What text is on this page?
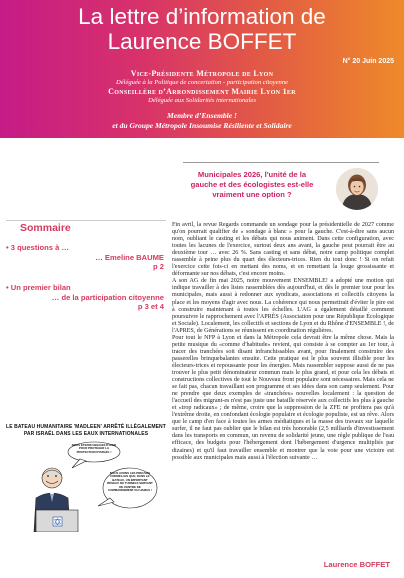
La lettre d’information de
Laurence BOFFET
N° 20 Juin 2025
Vice-Présidente Métropole de Lyon
Déléguée à la Politique de concertation - participation citoyenne
Conseillère d’Arrondissement Mairie Lyon 1er
Déléguée aux Solidarités internationales
Membre d’Ensemble !
et du Groupe Métropole Insoumise Résiliente et Solidaire
Municipales 2026, l'unité de la gauche et des écologistes est-elle vraiment une option ?
Sommaire
• 3 questions à …
… Emeline BAUME
p 2
• Un premier bilan
… de la participation citoyenne
p 3 et 4
LE BATEAU HUMANITAIRE 'MADLEEN' ARRÊTÉ ILLÉGALEMENT
PAR ISRAËL DANS LES EAUX INTERNATIONALES
NOUS ÉTIONS OBLIGÉS D'AGIR POUR PROTÉGER LA PROTECTION D'ISRAËL !
NOUS AVONS LES PREUVES FORMELLES QUE, DANS LE BATEAU, UN IMPORTANT RÉSEAU DE TUNNELS SERVANT DE CENTRE DE COMMANDEMENT DU HAMAS !

Fin avril, la revue Regards commande un sondage pour la présidentielle de 2027 comme qu'on pourrait qualifier de « sondage à blanc » pour la gauche. C'est-à-dire sans aucun nom, oubliant le casting et les débats qui nous animent. Dans cette configuration, avec toutes les lacunes de l'exercice, surtout deux ans avant, la gauche peut pourrait être au deuxième tour … avec 26 %. Sans casting et sans débat, notre camp politique complet rassemble à peine plus du quart des électeurs-trices. Rien du tout donc ! Si on refait l'exercice cette fois-ci en mettant des noms, et en remettant la louge grossissante et déformante sur nos débats, c'est encore moins.

A son AG de fin mai 2025, notre mouvement ENSEMBLE! a adopté une motion qui indique travailler à des listes rassemblées dès aujourd'hui, et dès le premier tour pour les municipales, mais aussi à redonner aux syndicats, associations et collectifs citoyens la place et les moyens d'agir avec nous. La cohérence qui nous permettrait d'éviter le pire est à construire maintenant à toutes les échelles. L'AG a également détaillé comment poursuivre le rapprochement avec l'APRÈS (Association pour une République Écologique et Sociale). Localement, les collectifs et sections de Lyon et du Rhône d'ENSEMBLE !, de l'APRES, de Générations se réunissent en coordination régulières.

Pour tout le NFP à Lyon et dans la Métropole cela devrait être la même chose. Mais la petite musique du «comme d'habitude» revient, qui consiste à se compter au 1er tour, à tracer des tranchées soit disant infranchissables avant, pour finalement construire des passerelles brinquebalantes ensuite. Cette pratique est le plus souvent illisible pour les électeurs-trices et repoussante pour les énergies. Mais rassembler suppose aussi de ne pas trouver le plus petit dénominateur commun mais le plus grand, et pour cela les débats et constructions collectives de tout le Nouveau front populaire sont nécessaires. Mais cela ne se fait pas, chacun travaillant son programme et ses idées dans son camp seulement. Pour ne prendre que deux exemples de «tranchées» nouvelles localement : la question de l'accueil des migrant-es n'est pas juste une bataille réservée aux collectifs les plus à gauche et «trop radicaux» ; de même, croire que la suppression de la ZFE ne profitera pas qu'à l'extrême droite, en confondant écologie populaire et écologie populiste, est un rêve. Alors que le camp d'en face à toutes les armes médiatiques et la masse des travaux sur laquelle surfer, il ne faut pas oublier que le bilan est très honorable (2,5 milliards d'investissement dans les transports en commun, un revenu de solidarité jeune, une règle publique de l'eau efficace, des budgets pour l'hébergement dont l'hébergement d'urgence multipliés par dizaines) et qu'il faut travailler ensemble et montrer que la voie pour une victoire est possible aux municipales mais aussi à l'élection suivante …

Laurence BOFFET
